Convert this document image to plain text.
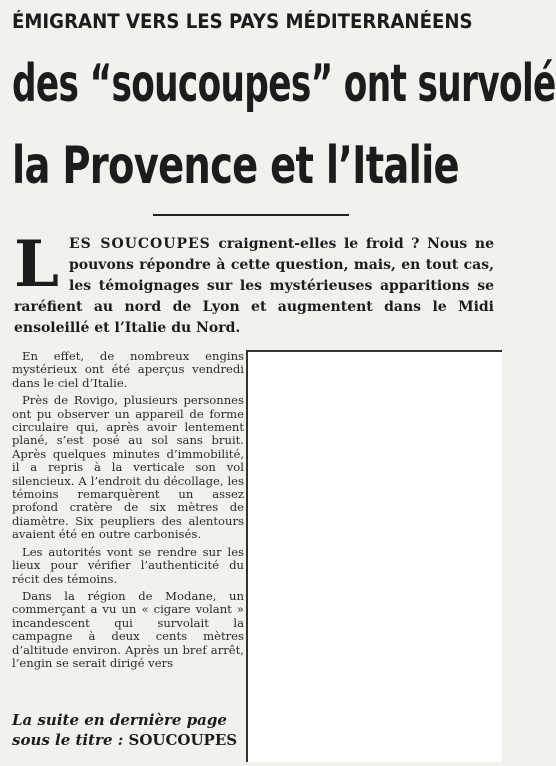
ÉMIGRANT VERS LES PAYS MÉDITERRANÉENS
des “soucoupes” ont survolé
la Provence et l’Italie
LES SOUCOUPES craignent-elles le froid ? Nous ne pouvons répondre à cette question, mais, en tout cas, les témoignages sur les mystérieuses apparitions se raréfient au nord de Lyon et augmentent dans le Midi ensoleillé et l’Italie du Nord.

En effet, de nombreux engins mystérieux ont été aperçus vendredi dans le ciel d’Italie.

Près de Rovigo, plusieurs personnes ont pu observer un appareil de forme circulaire qui, après avoir lentement plané, s’est posé au sol sans bruit. Après quelques minutes d’immobilité, il a repris à la verticale son vol silencieux. A l’endroit du décollage, les témoins remarquèrent un assez profond cratère de six mètres de diamètre. Six peupliers des alentours avaient été en outre carbonisés.

Les autorités vont se rendre sur les lieux pour vérifier l’authenticité du récit des témoins.

Dans la région de Modane, un commerçant a vu un « cigare volant » incandescent qui survolait la campagne à deux cents mètres d’altitude environ. Après un bref arrêt, l’engin se serait dirigé vers

La suite en dernière page
sous le titre : SOUCOUPES
